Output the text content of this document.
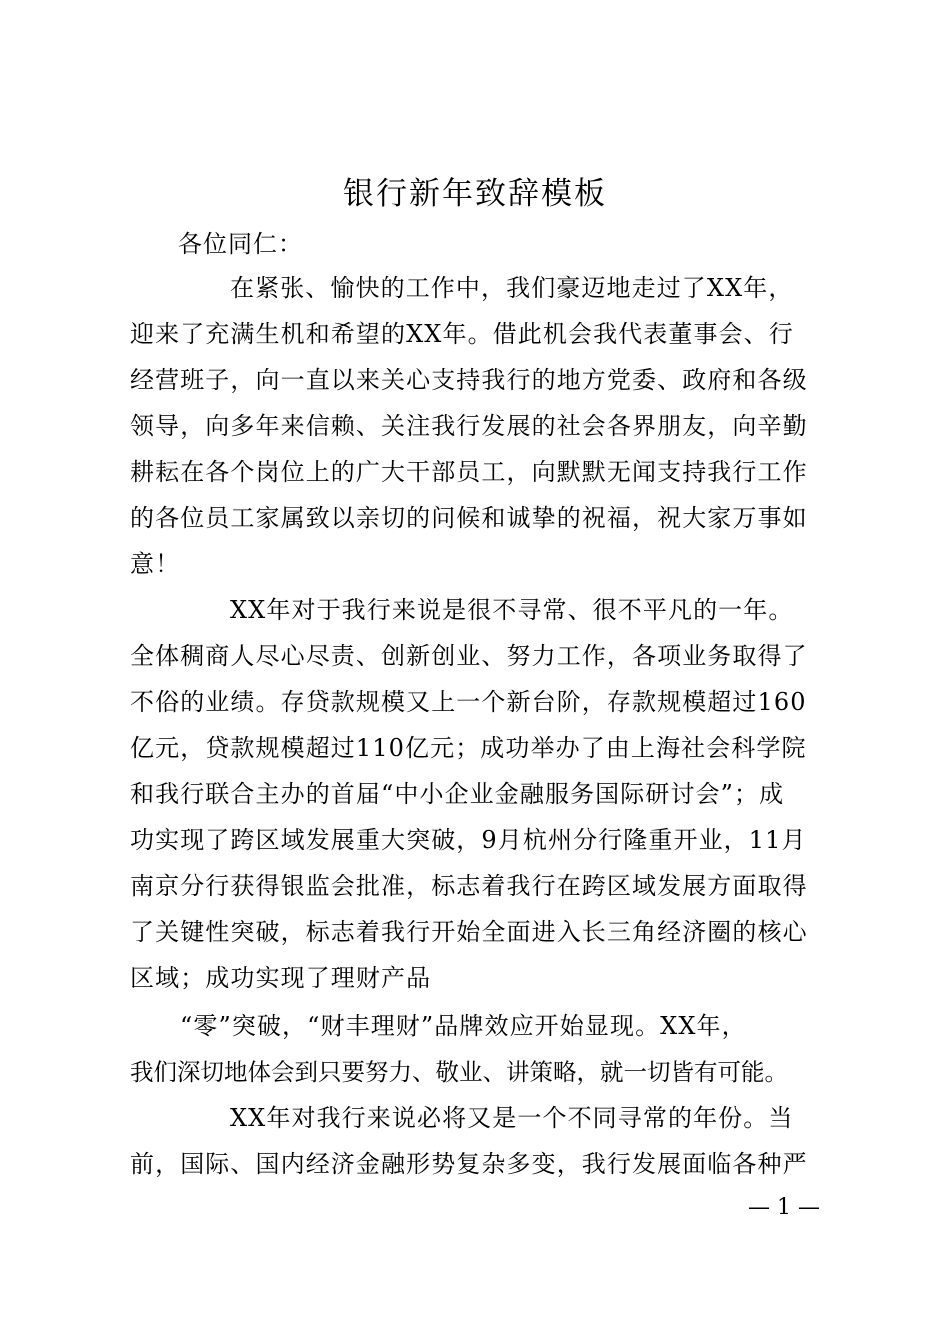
银行新年致辞模板
各位同仁：
在紧张、愉快的工作中，我们豪迈地走过了XX年，
迎来了充满生机和希望的XX年。借此机会我代表董事会、行
经营班子，向一直以来关心支持我行的地方党委、政府和各级
领导，向多年来信赖、关注我行发展的社会各界朋友，向辛勤
耕耘在各个岗位上的广大干部员工，向默默无闻支持我行工作
的各位员工家属致以亲切的问候和诚挚的祝福，祝大家万事如
意！
XX年对于我行来说是很不寻常、很不平凡的一年。
全体稠商人尽心尽责、创新创业、努力工作，各项业务取得了
不俗的业绩。存贷款规模又上一个新台阶，存款规模超过160
亿元，贷款规模超过110亿元；成功举办了由上海社会科学院
和我行联合主办的首届“中小企业金融服务国际研讨会”；成
功实现了跨区域发展重大突破，9月杭州分行隆重开业，11月
南京分行获得银监会批准，标志着我行在跨区域发展方面取得
了关键性突破，标志着我行开始全面进入长三角经济圈的核心
区域；成功实现了理财产品
“零”突破，“财丰理财”品牌效应开始显现。XX年，
我们深切地体会到只要努力、敬业、讲策略，就一切皆有可能。
XX年对我行来说必将又是一个不同寻常的年份。当
前，国际、国内经济金融形势复杂多变，我行发展面临各种严
— 1 —
